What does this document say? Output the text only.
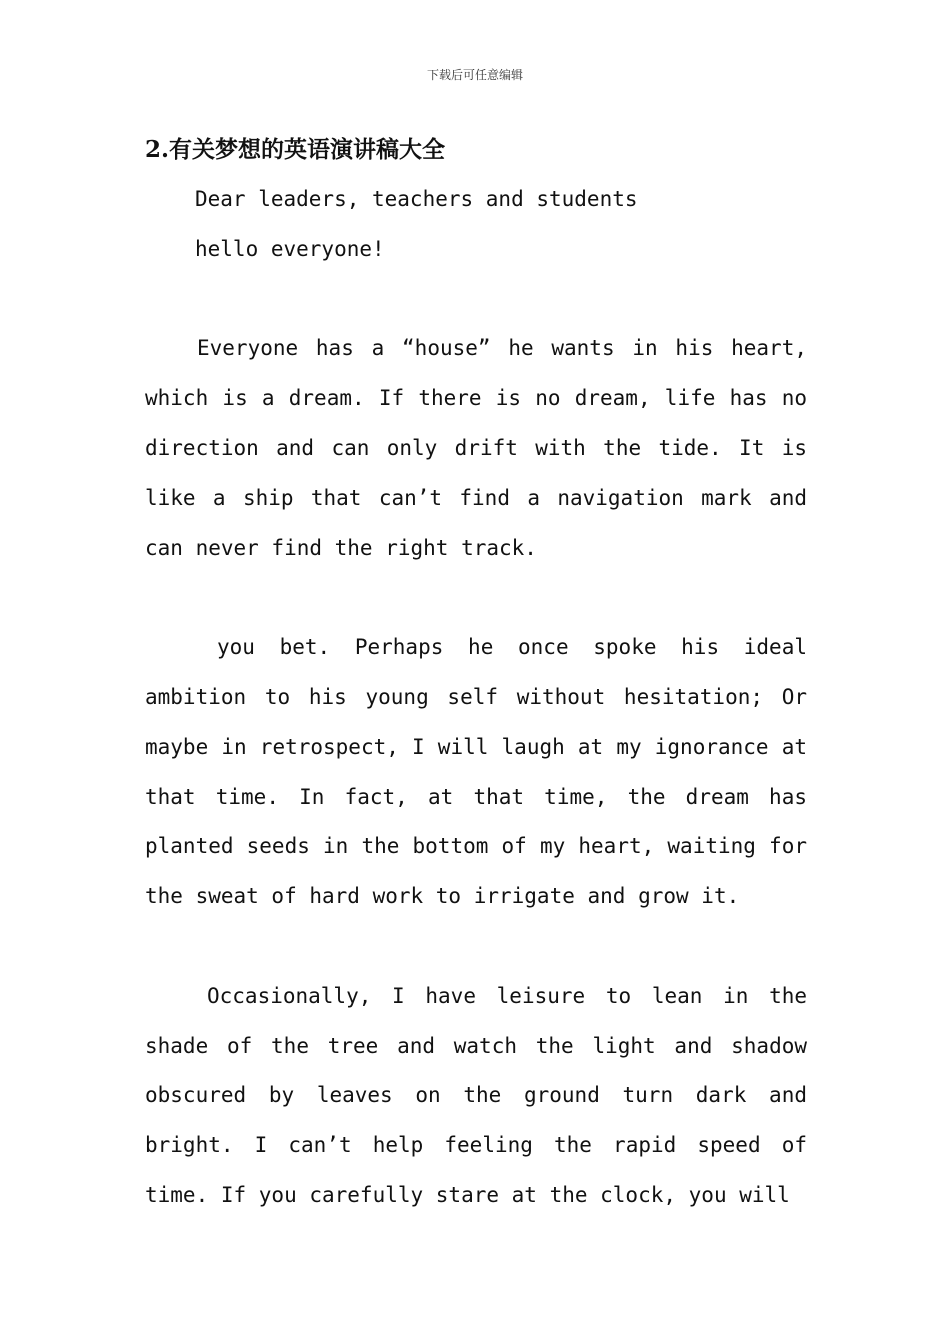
下载后可任意编辑
2.有关梦想的英语演讲稿大全

Dear leaders, teachers and students

hello everyone!

Everyone has a “house” he wants in his heart, which is a dream. If there is no dream, life has no direction and can only drift with the tide. It is like a ship that can’t find a navigation mark and can never find the right track.

you bet. Perhaps he once spoke his ideal ambition to his young self without hesitation; Or maybe in retrospect, I will laugh at my ignorance at that time. In fact, at that time, the dream has planted seeds in the bottom of my heart, waiting for the sweat of hard work to irrigate and grow it.

Occasionally, I have leisure to lean in the shade of the tree and watch the light and shadow obscured by leaves on the ground turn dark and bright. I can’t help feeling the rapid speed of time. If you carefully stare at the clock, you will
